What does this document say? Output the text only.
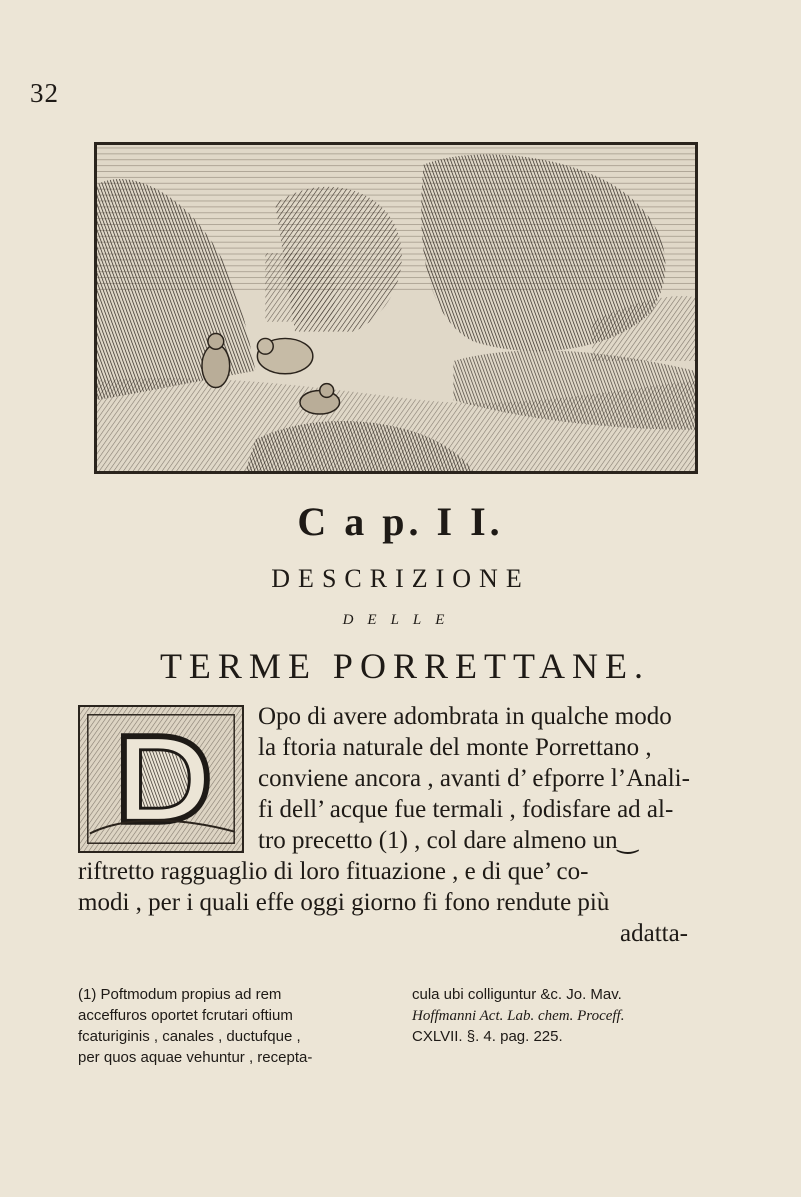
32
C a p. I I.
DESCRIZIONE
DELLE
TERME PORRETTANE.
Opo di avere adombrata in qualche modo
la ftoria naturale del monte Porrettano ,
conviene ancora , avanti d’ efporre l’Anali-
fi dell’ acque fue termali , fodisfare ad al-
tro precetto (1) , col dare almeno un‿
riftretto ragguaglio di loro fituazione , e di que’ co-
modi , per i quali effe oggi giorno fi fono rendute più
adatta-
(1) Poftmodum propius ad rem
acceffuros oportet fcrutari oftium
fcaturiginis , canales , ductufque ,
per quos aquae vehuntur , recepta-
cula ubi colliguntur &c. Jo. Mav.
Hoffmanni Act. Lab. chem. Proceff.
CXLVII. §. 4. pag. 225.
